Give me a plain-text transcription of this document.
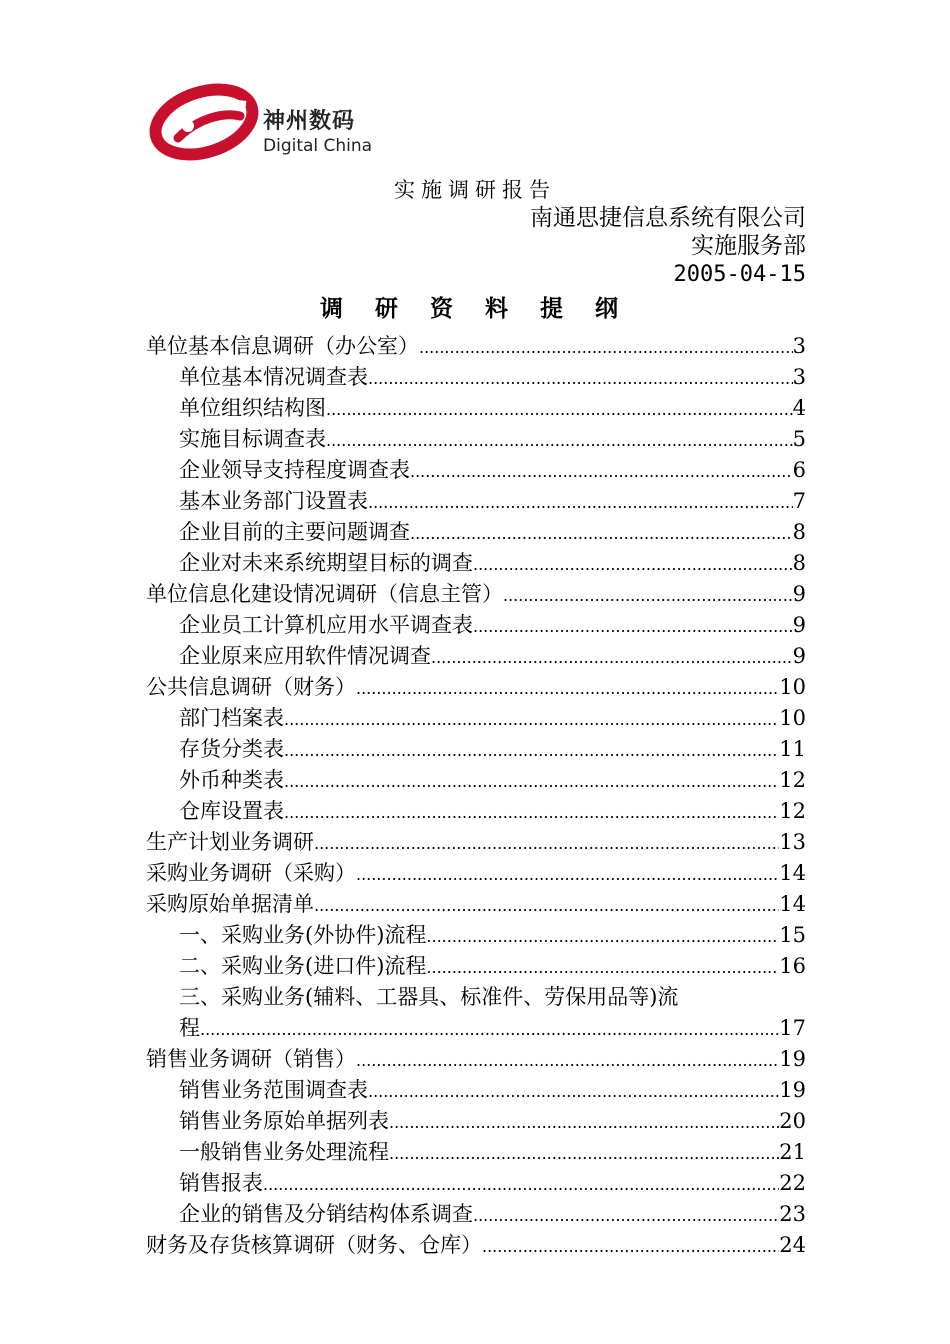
神州数码
Digital China
实施调研报告
南通思捷信息系统有限公司
实施服务部
2005-04-15
调 研 资 料 提 纲
单位基本信息调研（办公室） .....	3
单位基本情况调查表 .....	3
单位组织结构图 .....	4
实施目标调查表 .....	5
企业领导支持程度调查表 .....	6
基本业务部门设置表 .....	7
企业目前的主要问题调查 .....	8
企业对未来系统期望目标的调查 .....	8
单位信息化建设情况调研（信息主管） .....	9
企业员工计算机应用水平调查表 .....	9
企业原来应用软件情况调查 .....	9
公共信息调研（财务） .....	10
部门档案表 .....	10
存货分类表 .....	11
外币种类表 .....	12
仓库设置表 .....	12
生产计划业务调研 .....	13
采购业务调研（采购） .....	14
采购原始单据清单 .....	14
一、采购业务(外协件)流程 .....	15
二、采购业务(进口件)流程 .....	16
三、采购业务(辅料、工器具、标准件、劳保用品等)流
程 .....	17
销售业务调研（销售） .....	19
销售业务范围调查表 .....	19
销售业务原始单据列表 .....	20
一般销售业务处理流程 .....	21
销售报表 .....	22
企业的销售及分销结构体系调查 .....	23
财务及存货核算调研（财务、仓库） .....	24
